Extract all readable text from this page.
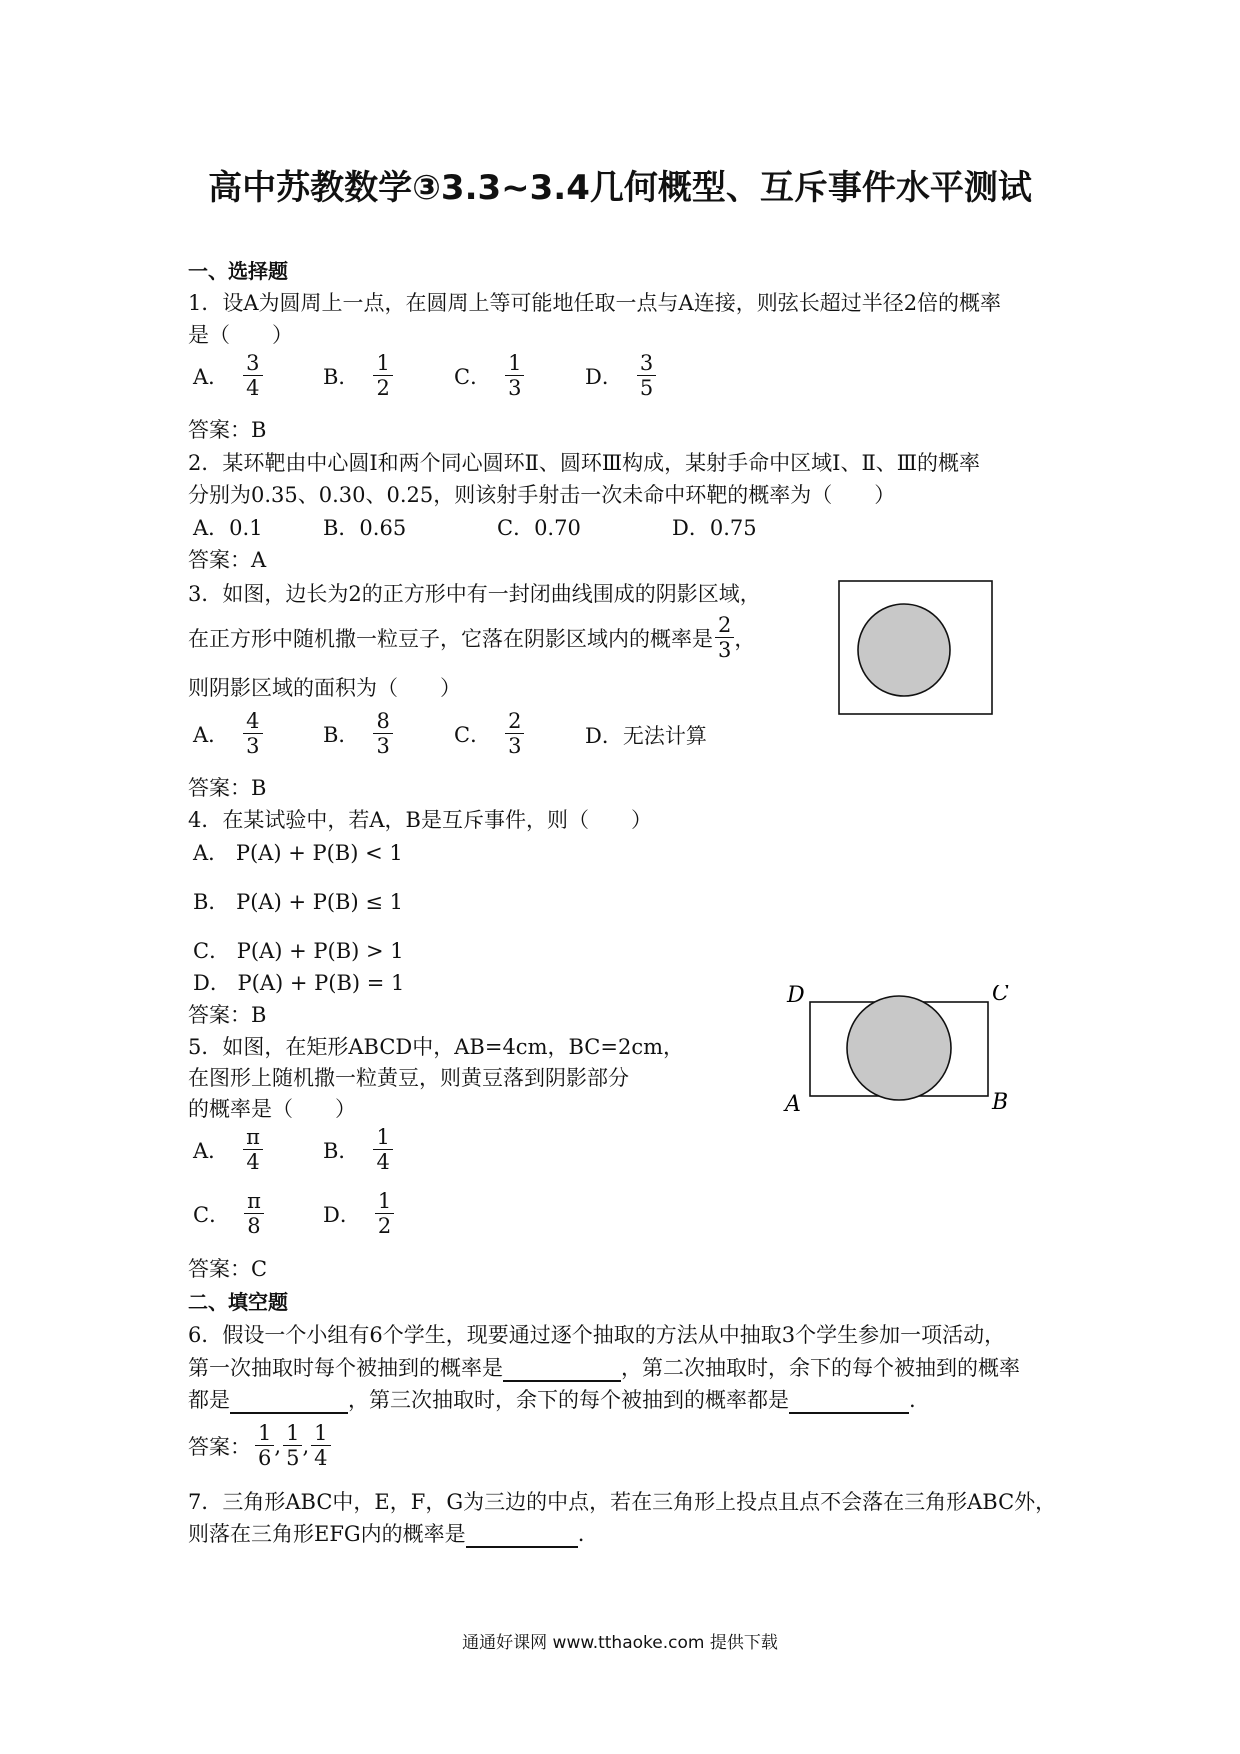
高中苏教数学③3.3~3.4几何概型、互斥事件水平测试
一、选择题
1．设A为圆周上一点，在圆周上等可能地任取一点与A连接，则弦长超过半径2倍的概率
是（　　）
A． $\frac{3}{4}$	B． $\frac{1}{2}$	C． $\frac{1}{3}$	D． $\frac{3}{5}$
答案：B
2．某环靶由中心圆Ⅰ和两个同心圆环Ⅱ、圆环Ⅲ构成，某射手命中区域Ⅰ、Ⅱ、Ⅲ的概率
分别为0.35、0.30、0.25，则该射手射击一次未命中环靶的概率为（　　）
A．0.1	B．0.65	C．0.70	D．0.75
答案：A
3．如图，边长为2的正方形中有一封闭曲线围成的阴影区域，
在正方形中随机撒一粒豆子，它落在阴影区域内的概率是 $\frac{2}{3}$ ，
则阴影区域的面积为（　　）
A． $\frac{4}{3}$	B． $\frac{8}{3}$	C． $\frac{2}{3}$	D．无法计算
答案：B
4．在某试验中，若A，B是互斥事件，则（　　）
A． P(A) + P(B) < 1
B． P(A) + P(B) ≤ 1
C． P(A) + P(B) > 1
D． P(A) + P(B) = 1
答案：B
5．如图，在矩形ABCD中，AB=4cm，BC=2cm，
在图形上随机撒一粒黄豆，则黄豆落到阴影部分
的概率是（　　）
D	C
A	B
A． $\frac{\pi}{4}$	B． $\frac{1}{4}$
C． $\frac{\pi}{8}$	D． $\frac{1}{2}$
答案：C
二、填空题
6．假设一个小组有6个学生，现要通过逐个抽取的方法从中抽取3个学生参加一项活动，
第一次抽取时每个被抽到的概率是	，第二次抽取时，余下的每个被抽到的概率
都是	，第三次抽取时，余下的每个被抽到的概率都是	.
答案： $\frac{1}{6}$ , $\frac{1}{5}$ , $\frac{1}{4}$
7．三角形ABC中，E，F，G为三边的中点，若在三角形上投点且点不会落在三角形ABC外，
则落在三角形EFG内的概率是	.
通通好课网 www.tthaoke.com 提供下载
